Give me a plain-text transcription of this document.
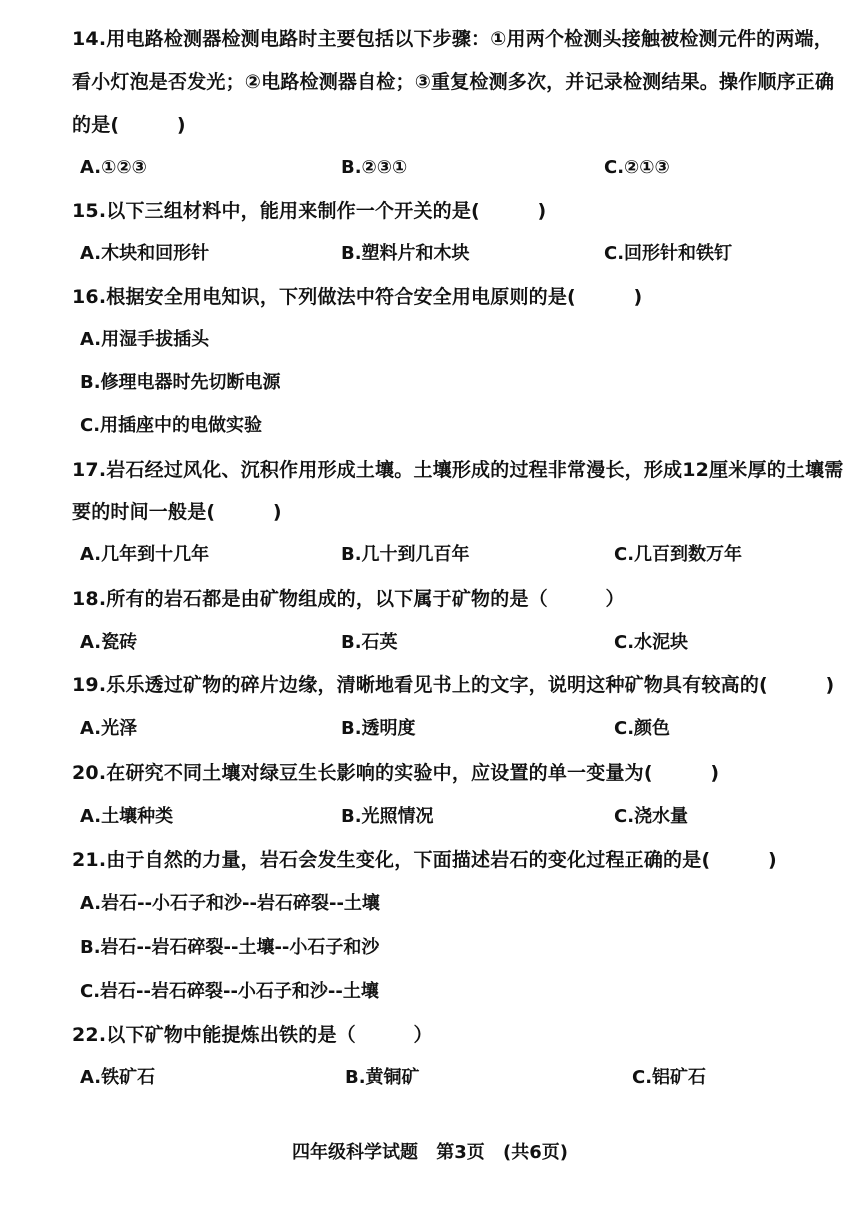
14.用电路检测器检测电路时主要包括以下步骤：①用两个检测头接触被检测元件的两端，
看小灯泡是否发光；②电路检测器自检；③重复检测多次，并记录检测结果。操作顺序正确
的是(　　　)
A.①②③	B.②③①	C.②①③
15.以下三组材料中，能用来制作一个开关的是(　　　)
A.木块和回形针	B.塑料片和木块	C.回形针和铁钉
16.根据安全用电知识，下列做法中符合安全用电原则的是(　　　)
A.用湿手拔插头
B.修理电器时先切断电源
C.用插座中的电做实验
17.岩石经过风化、沉积作用形成土壤。土壤形成的过程非常漫长，形成12厘米厚的土壤需
要的时间一般是(　　　)
A.几年到十几年	B.几十到几百年	C.几百到数万年
18.所有的岩石都是由矿物组成的，以下属于矿物的是（　　　）
A.瓷砖	B.石英	C.水泥块
19.乐乐透过矿物的碎片边缘，清晰地看见书上的文字，说明这种矿物具有较高的(　　　)
A.光泽	B.透明度	C.颜色
20.在研究不同土壤对绿豆生长影响的实验中，应设置的单一变量为(　　　)
A.土壤种类	B.光照情况	C.浇水量
21.由于自然的力量，岩石会发生变化，下面描述岩石的变化过程正确的是(　　　)
A.岩石--小石子和沙--岩石碎裂--土壤
B.岩石--岩石碎裂--土壤--小石子和沙
C.岩石--岩石碎裂--小石子和沙--土壤
22.以下矿物中能提炼出铁的是（　　　）
A.铁矿石	B.黄铜矿	C.铝矿石
四年级科学试题 第3页 (共6页)
